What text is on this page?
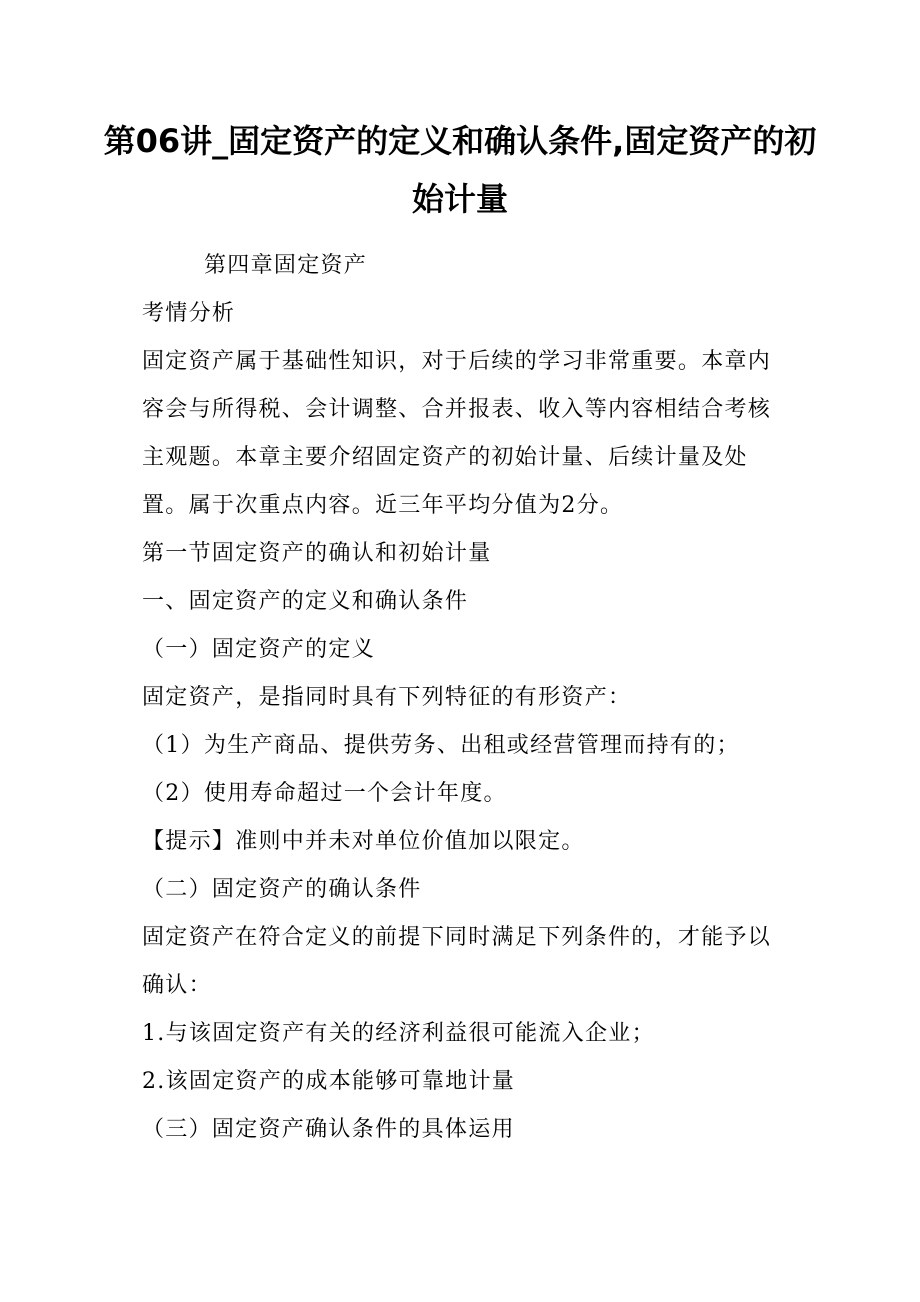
第06讲_固定资产的定义和确认条件,固定资产的初始计量

第四章固定资产

考情分析

固定资产属于基础性知识，对于后续的学习非常重要。本章内容会与所得税、会计调整、合并报表、收入等内容相结合考核主观题。本章主要介绍固定资产的初始计量、后续计量及处置。属于次重点内容。近三年平均分值为2分。

第一节固定资产的确认和初始计量

一、固定资产的定义和确认条件

（一）固定资产的定义

固定资产，是指同时具有下列特征的有形资产：

（1）为生产商品、提供劳务、出租或经营管理而持有的；

（2）使用寿命超过一个会计年度。

【提示】准则中并未对单位价值加以限定。

（二）固定资产的确认条件

固定资产在符合定义的前提下同时满足下列条件的，才能予以确认：

1.与该固定资产有关的经济利益很可能流入企业；

2.该固定资产的成本能够可靠地计量

（三）固定资产确认条件的具体运用
